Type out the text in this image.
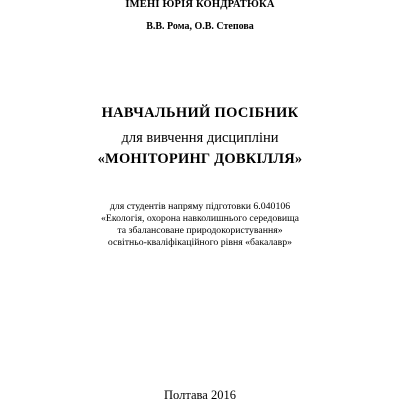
ІМЕНІ ЮРІЯ КОНДРАТЮКА
В.В. Рома, О.В. Степова
НАВЧАЛЬНИЙ ПОСІБНИК
для вивчення дисципліни
«МОНІТОРИНГ ДОВКІЛЛЯ»
для студентів напряму підготовки 6.040106
«Екологія, охорона навколишнього середовища
та збалансоване природокористування»
освітньо-кваліфікаційного рівня «бакалавр»
Полтава 2016
